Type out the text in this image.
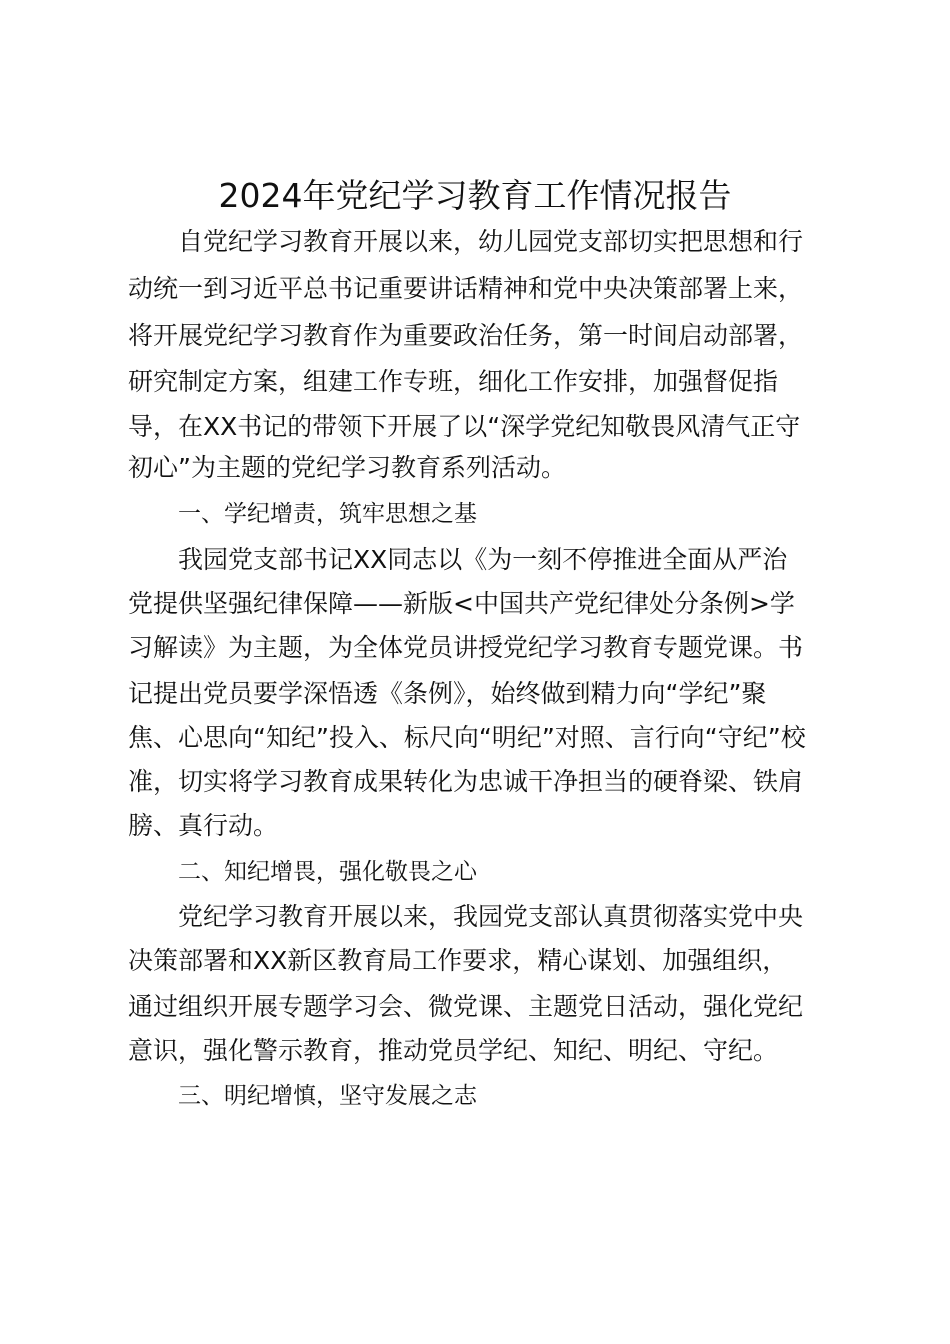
2024年党纪学习教育工作情况报告
自党纪学习教育开展以来，幼儿园党支部切实把思想和行
动统一到习近平总书记重要讲话精神和党中央决策部署上来，
将开展党纪学习教育作为重要政治任务，第一时间启动部署，
研究制定方案，组建工作专班，细化工作安排，加强督促指
导，在XX书记的带领下开展了以“深学党纪知敬畏风清气正守
初心”为主题的党纪学习教育系列活动。
一、学纪增责，筑牢思想之基
我园党支部书记XX同志以《为一刻不停推进全面从严治
党提供坚强纪律保障——新版<中国共产党纪律处分条例>学
习解读》为主题，为全体党员讲授党纪学习教育专题党课。书
记提出党员要学深悟透《条例》，始终做到精力向“学纪”聚
焦、心思向“知纪”投入、标尺向“明纪”对照、言行向“守纪”校
准，切实将学习教育成果转化为忠诚干净担当的硬脊梁、铁肩
膀、真行动。
二、知纪增畏，强化敬畏之心
党纪学习教育开展以来，我园党支部认真贯彻落实党中央
决策部署和XX新区教育局工作要求，精心谋划、加强组织，
通过组织开展专题学习会、微党课、主题党日活动，强化党纪
意识，强化警示教育，推动党员学纪、知纪、明纪、守纪。
三、明纪增慎，坚守发展之志
